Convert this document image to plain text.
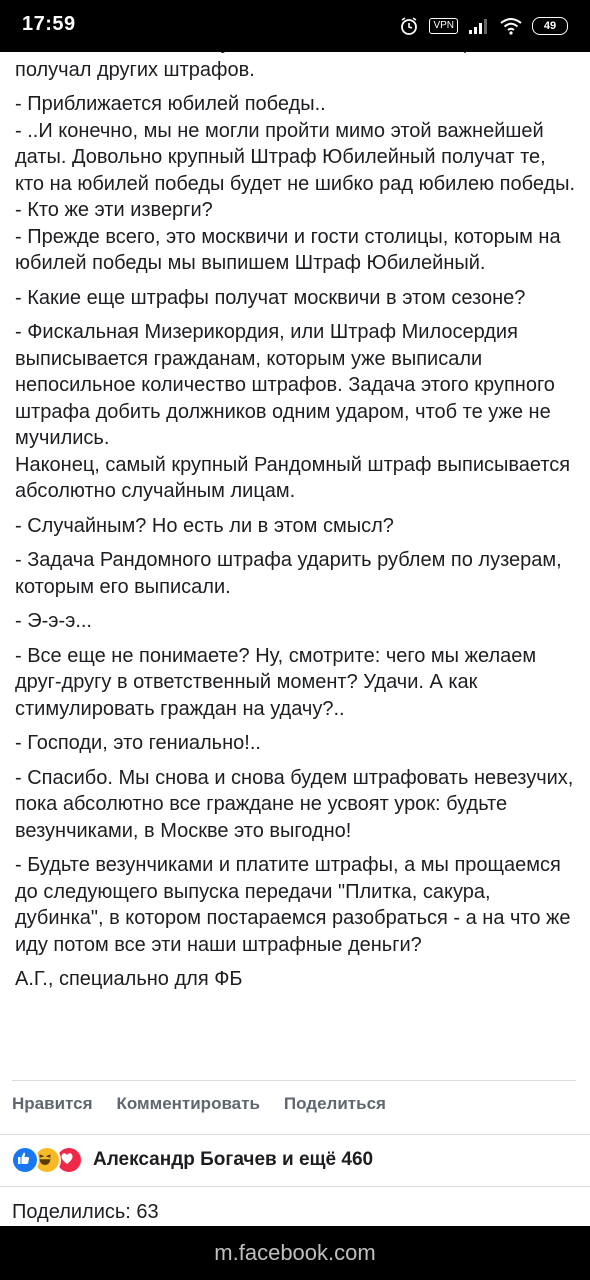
получал других штрафов.

- Приближается юбилей победы..
- ..И конечно, мы не могли пройти мимо этой важнейшей даты. Довольно крупный Штраф Юбилейный получат те, кто на юбилей победы будет не шибко рад юбилею победы.
- Кто же эти изверги?
- Прежде всего, это москвичи и гости столицы, которым на юбилей победы мы выпишем Штраф Юбилейный.

- Какие еще штрафы получат москвичи в этом сезоне?

- Фискальная Мизерикордия, или Штраф Милосердия выписывается гражданам, которым уже выписали непосильное количество штрафов. Задача этого крупного штрафа добить должников одним ударом, чтоб те уже не мучились.
Наконец, самый крупный Рандомный штраф выписывается абсолютно случайным лицам.

- Случайным? Но есть ли в этом смысл?

- Задача Рандомного штрафа ударить рублем по лузерам, которым его выписали.

- Э-э-э...

- Все еще не понимаете? Ну, смотрите: чего мы желаем друг-другу в ответственный момент? Удачи. А как стимулировать граждан на удачу?..

- Господи, это гениально!..

- Спасибо. Мы снова и снова будем штрафовать невезучих, пока абсолютно все граждане не усвоят урок: будьте везунчиками, в Москве это выгодно!

- Будьте везунчиками и платите штрафы, а мы прощаемся до следующего выпуска передачи "Плитка, сакура, дубинка", в котором постараемся разобраться - а на что же иду потом все эти наши штрафные деньги?

А.Г., специально для ФБ

17:59	VPN	49
Нравится Комментировать Поделиться
Александр Богачев и ещё 460
Поделились: 63
m.facebook.com
